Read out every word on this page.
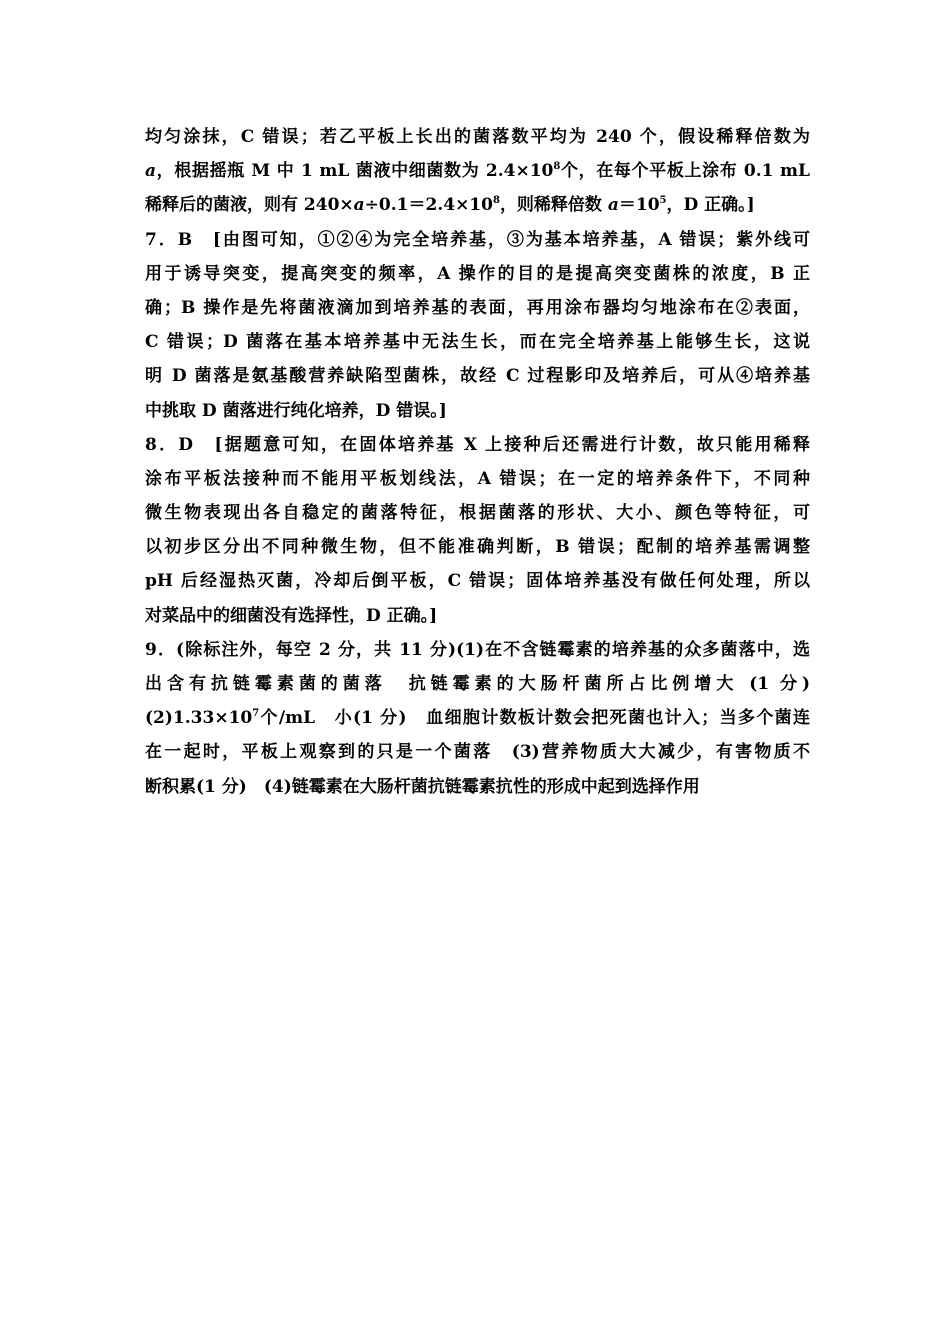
均匀涂抹，C 错误；若乙平板上长出的菌落数平均为 240 个，假设稀释倍数为
a，根据摇瓶 M 中 1 mL 菌液中细菌数为 $2.4\times 10^8$个，在每个平板上涂布 0.1 mL
稀释后的菌液，则有 $240\times a\div 0.1=2.4\times 10^8$，则稀释倍数 $a=10^5$，D 正确。]
7．B　[由图可知，①②④为完全培养基，③为基本培养基，A 错误；紫外线可
用于诱导突变，提高突变的频率，A 操作的目的是提高突变菌株的浓度，B 正
确；B 操作是先将菌液滴加到培养基的表面，再用涂布器均匀地涂布在②表面，
C 错误；D 菌落在基本培养基中无法生长，而在完全培养基上能够生长，这说
明 D 菌落是氨基酸营养缺陷型菌株，故经 C 过程影印及培养后，可从④培养基
中挑取 D 菌落进行纯化培养，D 错误。]
8．D　[据题意可知，在固体培养基 X 上接种后还需进行计数，故只能用稀释
涂布平板法接种而不能用平板划线法，A 错误；在一定的培养条件下，不同种
微生物表现出各自稳定的菌落特征，根据菌落的形状、大小、颜色等特征，可
以初步区分出不同种微生物，但不能准确判断，B 错误；配制的培养基需调整
pH 后经湿热灭菌，冷却后倒平板，C 错误；固体培养基没有做任何处理，所以
对菜品中的细菌没有选择性，D 正确。]
9．(除标注外，每空 2 分，共 11 分)(1)在不含链霉素的培养基的众多菌落中，选
出含有抗链霉素菌的菌落　抗链霉素的大肠杆菌所占比例增大 (1 分)
$(2)1.33\times 10^7$个/mL　小(1 分)　血细胞计数板计数会把死菌也计入；当多个菌连
在一起时，平板上观察到的只是一个菌落　(3)营养物质大大减少，有害物质不
断积累(1 分)　(4)链霉素在大肠杆菌抗链霉素抗性的形成中起到选择作用
